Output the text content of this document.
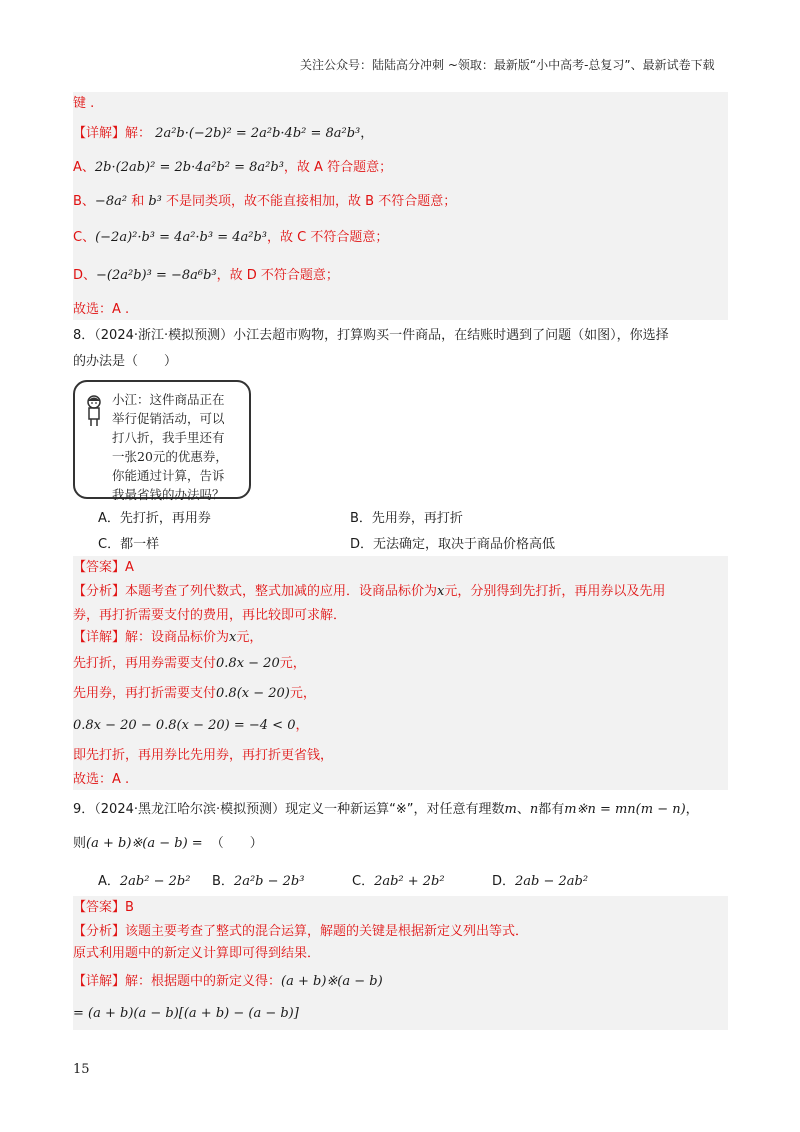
关注公众号：陆陆高分冲刺 ~领取：最新版“小中高考-总复习”、最新试卷下载
键 .
【详解】解： 2a²b·(−2b)² = 2a²b·4b² = 8a²b³，
A、2b·(2ab)² = 2b·4a²b² = 8a²b³，故 A 符合题意；
B、−8a² 和 b³ 不是同类项，故不能直接相加，故 B 不符合题意；
C、(−2a)²·b³ = 4a²·b³ = 4a²b³，故 C 不符合题意；
D、−(2a²b)³ = −8a⁶b³，故 D 不符合题意；
故选：A .
8．（2024·浙江·模拟预测）小江去超市购物，打算购买一件商品，在结账时遇到了问题（如图），你选择
的办法是（　　）
小江：这件商品正在
举行促销活动，可以
打八折，我手里还有
一张20元的优惠券，
你能通过计算，告诉
我最省钱的办法吗？
A．先打折，再用券	B．先用券，再打折
C．都一样	D．无法确定，取决于商品价格高低
【答案】A
【分析】本题考查了列代数式，整式加减的应用．设商品标价为x元，分别得到先打折，再用券以及先用
券，再打折需要支付的费用，再比较即可求解．
【详解】解：设商品标价为x元，
先打折，再用券需要支付0.8x − 20元，
先用券，再打折需要支付0.8(x − 20)元，
0.8x − 20 − 0.8(x − 20) = −4 < 0，
即先打折，再用券比先用券，再打折更省钱，
故选：A .
9．（2024·黑龙江哈尔滨·模拟预测）现定义一种新运算“※”，对任意有理数m、n都有m※n = mn(m − n)，
则(a + b)※(a − b) = （　　）
A．2ab² − 2b² B．2a²b − 2b³	C．2ab² + 2b²	D．2ab − 2ab²
【答案】B
【分析】该题主要考查了整式的混合运算，解题的关键是根据新定义列出等式．
原式利用题中的新定义计算即可得到结果．
【详解】解：根据题中的新定义得：(a + b)※(a − b)
= (a + b)(a − b)[(a + b) − (a − b)]
15
